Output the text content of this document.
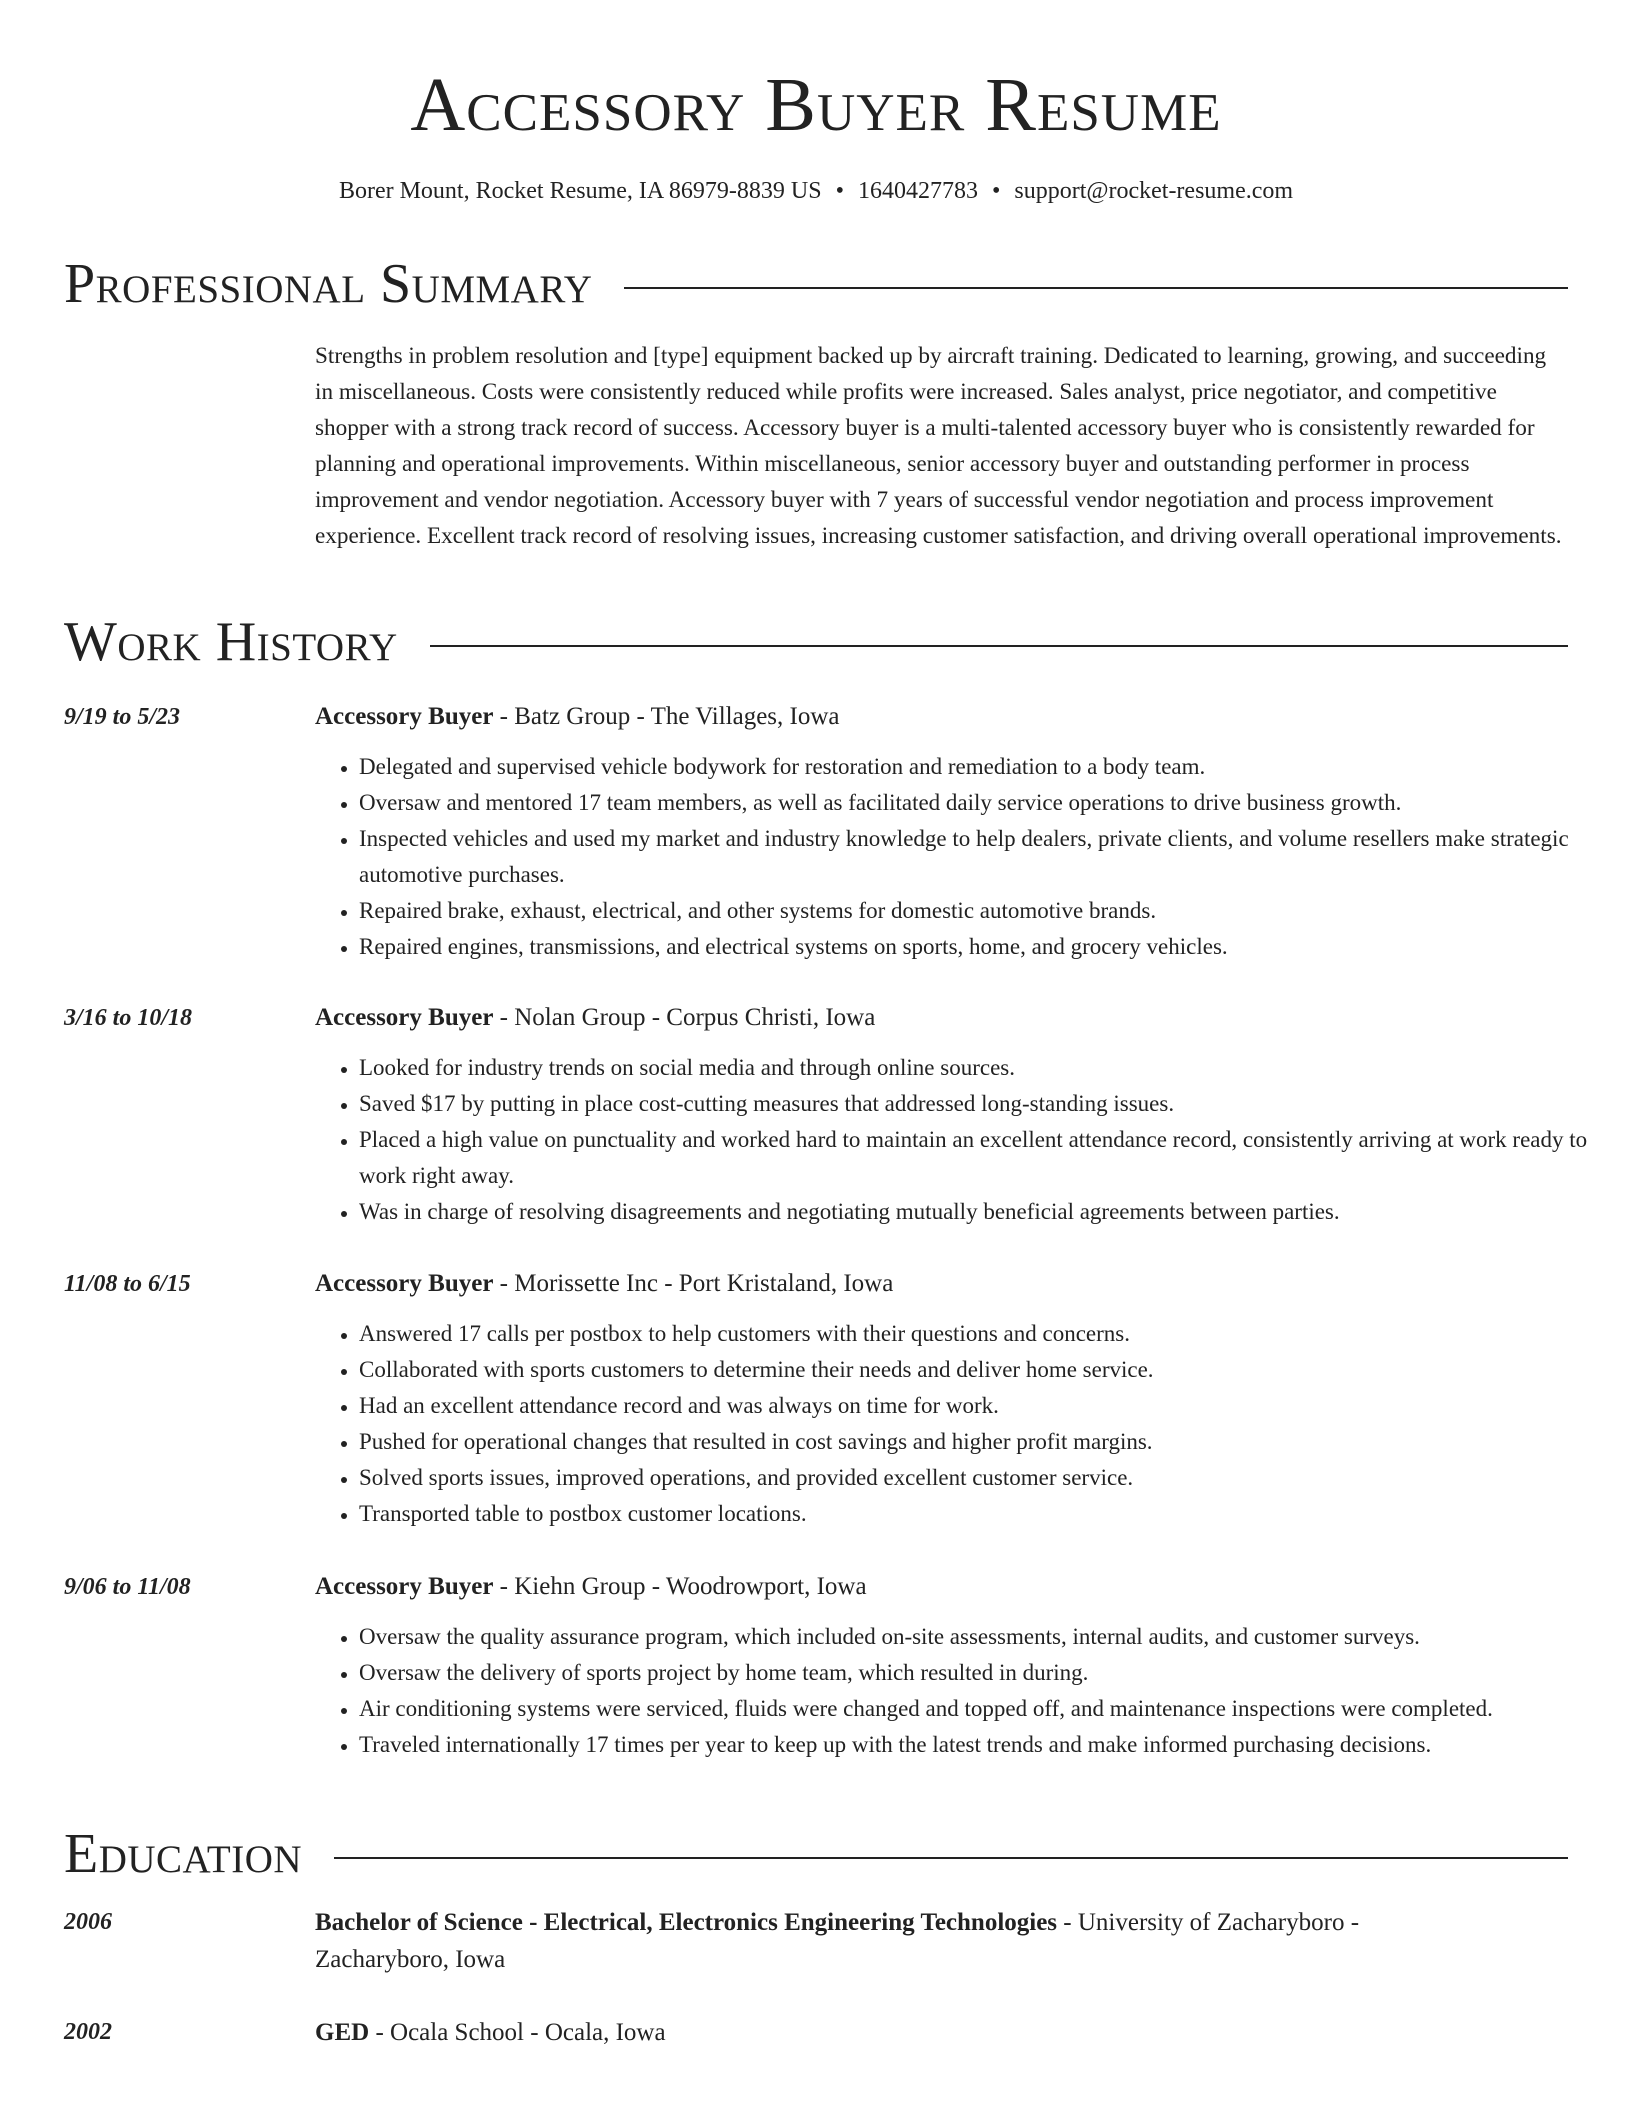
Accessory Buyer Resume
Borer Mount, Rocket Resume, IA 86979-8839 US • 1640427783 • support@rocket-resume.com
Professional Summary

Strengths in problem resolution and [type] equipment backed up by aircraft training. Dedicated to learning, growing, and succeeding in miscellaneous. Costs were consistently reduced while profits were increased. Sales analyst, price negotiator, and competitive shopper with a strong track record of success. Accessory buyer is a multi-talented accessory buyer who is consistently rewarded for planning and operational improvements. Within miscellaneous, senior accessory buyer and outstanding performer in process improvement and vendor negotiation. Accessory buyer with 7 years of successful vendor negotiation and process improvement experience. Excellent track record of resolving issues, increasing customer satisfaction, and driving overall operational improvements.

Work History
9/19 to 5/23	Accessory Buyer - Batz Group - The Villages, Iowa
• Delegated and supervised vehicle bodywork for restoration and remediation to a body team.
• Oversaw and mentored 17 team members, as well as facilitated daily service operations to drive business growth.
• Inspected vehicles and used my market and industry knowledge to help dealers, private clients, and volume resellers make strategic automotive purchases.
• Repaired brake, exhaust, electrical, and other systems for domestic automotive brands.
• Repaired engines, transmissions, and electrical systems on sports, home, and grocery vehicles.
3/16 to 10/18	Accessory Buyer - Nolan Group - Corpus Christi, Iowa
• Looked for industry trends on social media and through online sources.
• Saved $17 by putting in place cost-cutting measures that addressed long-standing issues.
• Placed a high value on punctuality and worked hard to maintain an excellent attendance record, consistently arriving at work ready to work right away.
• Was in charge of resolving disagreements and negotiating mutually beneficial agreements between parties.
11/08 to 6/15	Accessory Buyer - Morissette Inc - Port Kristaland, Iowa
• Answered 17 calls per postbox to help customers with their questions and concerns.
• Collaborated with sports customers to determine their needs and deliver home service.
• Had an excellent attendance record and was always on time for work.
• Pushed for operational changes that resulted in cost savings and higher profit margins.
• Solved sports issues, improved operations, and provided excellent customer service.
• Transported table to postbox customer locations.
9/06 to 11/08	Accessory Buyer - Kiehn Group - Woodrowport, Iowa
• Oversaw the quality assurance program, which included on-site assessments, internal audits, and customer surveys.
• Oversaw the delivery of sports project by home team, which resulted in during.
• Air conditioning systems were serviced, fluids were changed and topped off, and maintenance inspections were completed.
• Traveled internationally 17 times per year to keep up with the latest trends and make informed purchasing decisions.
Education
2006	Bachelor of Science - Electrical, Electronics Engineering Technologies - University of Zacharyboro - Zacharyboro, Iowa
2002	GED - Ocala School - Ocala, Iowa
